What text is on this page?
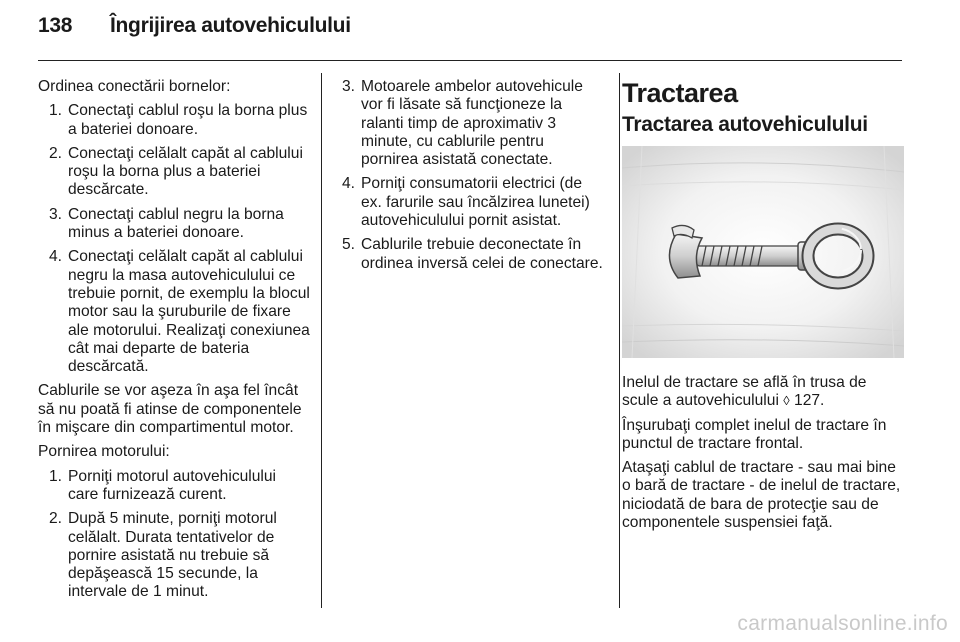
138	Îngrijirea autovehiculului

Ordinea conectării bornelor:

1. Conectaţi cablul roşu la borna plus a bateriei donoare.
2. Conectaţi celălalt capăt al cablului roşu la borna plus a bateriei descărcate.
3. Conectaţi cablul negru la borna minus a bateriei donoare.
4. Conectaţi celălalt capăt al cablului negru la masa autovehiculului ce trebuie pornit, de exemplu la blocul motor sau la şuruburile de fixare ale motorului. Realizaţi conexiunea cât mai departe de bateria descărcată.

Cablurile se vor aşeza în aşa fel încât să nu poată fi atinse de componentele în mişcare din compartimentul motor.

Pornirea motorului:

1. Porniţi motorul autovehiculului care furnizează curent.
2. După 5 minute, porniţi motorul celălalt. Durata tentativelor de pornire asistată nu trebuie să depăşească 15 secunde, la intervale de 1 minut.
3. Motoarele ambelor autovehicule vor fi lăsate să funcţioneze la ralanti timp de aproximativ 3 minute, cu cablurile pentru pornirea asistată conectate.
4. Porniţi consumatorii electrici (de ex. farurile sau încălzirea lunetei) autovehiculului pornit asistat.
5. Cablurile trebuie deconectate în ordinea inversă celei de conectare.
Tractarea
Tractarea autovehiculului

Inelul de tractare se află în trusa de scule a autovehiculului ◊ 127.

Înşurubaţi complet inelul de tractare în punctul de tractare frontal.

Ataşaţi cablul de tractare - sau mai bine o bară de tractare - de inelul de tractare, niciodată de bara de protecţie sau de componentele suspensiei faţă.

carmanualsonline.info
